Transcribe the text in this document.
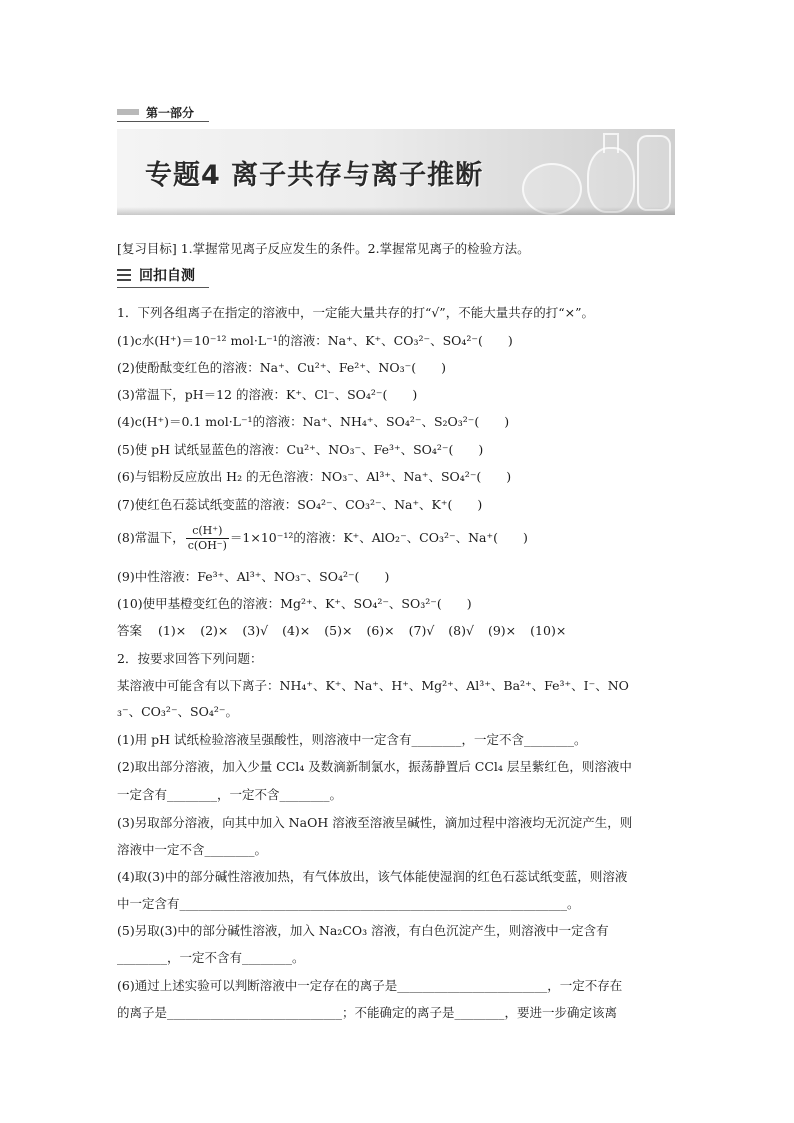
第一部分
专题4 离子共存与离子推断
[复习目标] 1.掌握常见离子反应发生的条件。2.掌握常见离子的检验方法。
回扣自测
1．下列各组离子在指定的溶液中，一定能大量共存的打“√”，不能大量共存的打“×”。
(1)c水(H⁺)＝10⁻¹² mol·L⁻¹的溶液：Na⁺、K⁺、CO₃²⁻、SO₄²⁻(　　)
(2)使酚酞变红色的溶液：Na⁺、Cu²⁺、Fe²⁺、NO₃⁻(　　)
(3)常温下，pH＝12 的溶液：K⁺、Cl⁻、SO₄²⁻(　　)
(4)c(H⁺)＝0.1 mol·L⁻¹的溶液：Na⁺、NH₄⁺、SO₄²⁻、S₂O₃²⁻(　　)
(5)使 pH 试纸显蓝色的溶液：Cu²⁺、NO₃⁻、Fe³⁺、SO₄²⁻(　　)
(6)与铝粉反应放出 H₂ 的无色溶液：NO₃⁻、Al³⁺、Na⁺、SO₄²⁻(　　)
(7)使红色石蕊试纸变蓝的溶液：SO₄²⁻、CO₃²⁻、Na⁺、K⁺(　　)
(8)常温下， $\frac{c(H^+)}{c(OH^-)} =1\times 10^{-12}$的溶液：K⁺、AlO₂⁻、CO₃²⁻、Na⁺(　　)
(9)中性溶液：Fe³⁺、Al³⁺、NO₃⁻、SO₄²⁻(　　)
(10)使甲基橙变红色的溶液：Mg²⁺、K⁺、SO₄²⁻、SO₃²⁻(　　)
答案 (1)× (2)× (3)√ (4)× (5)× (6)× (7)√ (8)√ (9)× (10)×
2．按要求回答下列问题：
某溶液中可能含有以下离子：NH₄⁺、K⁺、Na⁺、H⁺、Mg²⁺、Al³⁺、Ba²⁺、Fe³⁺、I⁻、NO
₃⁻、CO₃²⁻、SO₄²⁻。
(1)用 pH 试纸检验溶液呈强酸性，则溶液中一定含有________，一定不含________。
(2)取出部分溶液，加入少量 CCl₄ 及数滴新制氯水，振荡静置后 CCl₄ 层呈紫红色，则溶液中
一定含有________，一定不含________。
(3)另取部分溶液，向其中加入 NaOH 溶液至溶液呈碱性，滴加过程中溶液均无沉淀产生，则
溶液中一定不含________。
(4)取(3)中的部分碱性溶液加热，有气体放出，该气体能使湿润的红色石蕊试纸变蓝，则溶液
中一定含有______________________________________________________________。
(5)另取(3)中的部分碱性溶液，加入 Na₂CO₃ 溶液，有白色沉淀产生，则溶液中一定含有
________，一定不含有________。
(6)通过上述实验可以判断溶液中一定存在的离子是________________________，一定不存在
的离子是____________________________；不能确定的离子是________，要进一步确定该离
